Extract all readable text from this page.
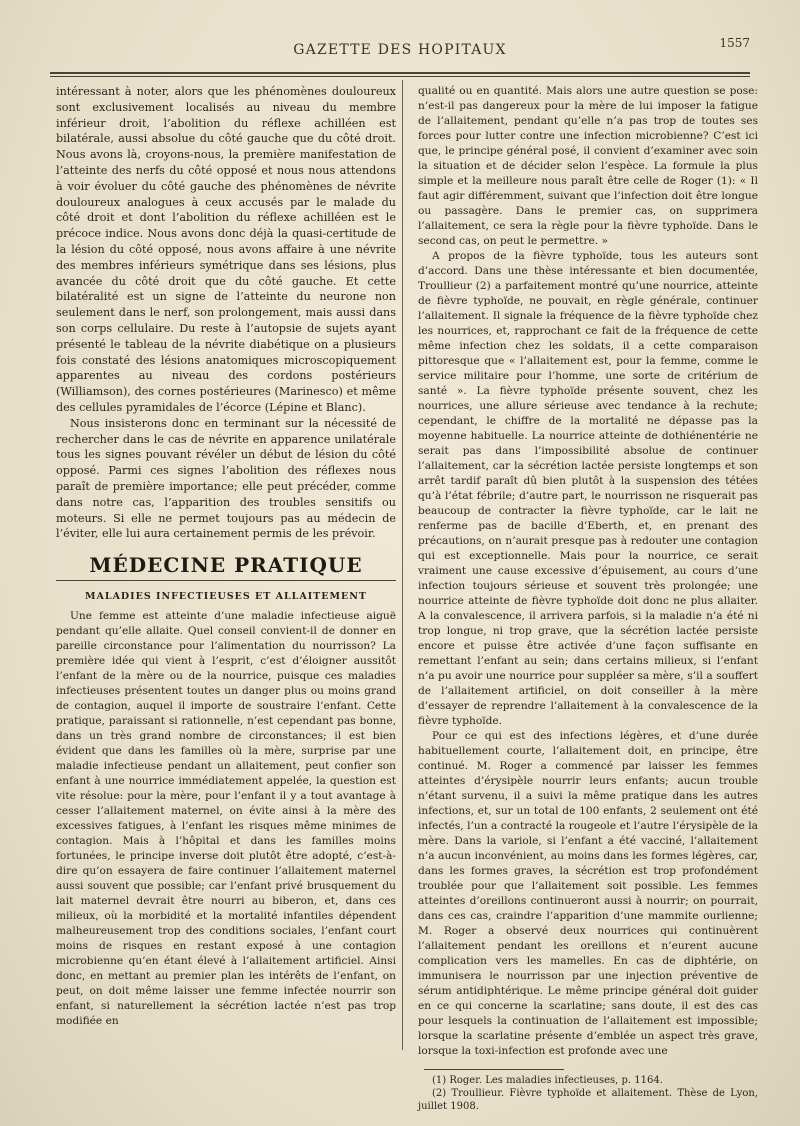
GAZETTE DES HOPITAUX	1557

intéressant à noter, alors que les phénomènes douloureux sont exclusivement localisés au niveau du membre inférieur droit, l’abolition du réflexe achilléen est bilatérale, aussi absolue du côté gauche que du côté droit. Nous avons là, croyons-nous, la première manifestation de l’atteinte des nerfs du côté opposé et nous nous attendons à voir évoluer du côté gauche des phénomènes de névrite douloureux analogues à ceux accusés par le malade du côté droit et dont l’abolition du réflexe achilléen est le précoce indice. Nous avons donc déjà la quasi-certitude de la lésion du côté opposé, nous avons affaire à une névrite des membres inférieurs symétrique dans ses lésions, plus avancée du côté droit que du côté gauche. Et cette bilatéralité est un signe de l’atteinte du neurone non seulement dans le nerf, son prolongement, mais aussi dans son corps cellulaire. Du reste à l’autopsie de sujets ayant présenté le tableau de la névrite diabétique on a plusieurs fois constaté des lésions anatomiques microscopiquement apparentes au niveau des cordons postérieurs (Williamson), des cornes postérieures (Marinesco) et même des cellules pyramidales de l’écorce (Lépine et Blanc).

Nous insisterons donc en terminant sur la nécessité de rechercher dans le cas de névrite en apparence unilatérale tous les signes pouvant révéler un début de lésion du côté opposé. Parmi ces signes l’abolition des réflexes nous paraît de première importance; elle peut précéder, comme dans notre cas, l’apparition des troubles sensitifs ou moteurs. Si elle ne permet toujours pas au médecin de l’éviter, elle lui aura certainement permis de les prévoir.

MÉDECINE PRATIQUE
MALADIES INFECTIEUSES ET ALLAITEMENT

Une femme est atteinte d’une maladie infectieuse aiguë pendant qu’elle allaite. Quel conseil convient-il de donner en pareille circonstance pour l’alimentation du nourrisson? La première idée qui vient à l’esprit, c’est d’éloigner aussitôt l’enfant de la mère ou de la nourrice, puisque ces maladies infectieuses présentent toutes un danger plus ou moins grand de contagion, auquel il importe de soustraire l’enfant. Cette pratique, paraissant si rationnelle, n’est cependant pas bonne, dans un très grand nombre de circonstances; il est bien évident que dans les familles où la mère, surprise par une maladie infectieuse pendant un allaitement, peut confier son enfant à une nourrice immédiatement appelée, la question est vite résolue: pour la mère, pour l’enfant il y a tout avantage à cesser l’allaitement maternel, on évite ainsi à la mère des excessives fatigues, à l’enfant les risques même minimes de contagion. Mais à l’hôpital et dans les familles moins fortunées, le principe inverse doit plutôt être adopté, c’est-à-dire qu’on essayera de faire continuer l’allaitement maternel aussi souvent que possible; car l’enfant privé brusquement du lait maternel devrait être nourri au biberon, et, dans ces milieux, où la morbidité et la mortalité infantiles dépendent malheureusement trop des conditions sociales, l’enfant court moins de risques en restant exposé à une contagion microbienne qu’en étant élevé à l’allaitement artificiel. Ainsi donc, en mettant au premier plan les intérêts de l’enfant, on peut, on doit même laisser une femme infectée nourrir son enfant, si naturellement la sécrétion lactée n’est pas trop modifiée en

qualité ou en quantité. Mais alors une autre question se pose: n’est-il pas dangereux pour la mère de lui imposer la fatigue de l’allaitement, pendant qu’elle n’a pas trop de toutes ses forces pour lutter contre une infection microbienne? C’est ici que, le principe général posé, il convient d’examiner avec soin la situation et de décider selon l’espèce. La formule la plus simple et la meilleure nous paraît être celle de Roger (1): « Il faut agir différemment, suivant que l’infection doit être longue ou passagère. Dans le premier cas, on supprimera l’allaitement, ce sera la règle pour la fièvre typhoïde. Dans le second cas, on peut le permettre. »

A propos de la fièvre typhoïde, tous les auteurs sont d’accord. Dans une thèse intéressante et bien documentée, Troullieur (2) a parfaitement montré qu’une nourrice, atteinte de fièvre typhoïde, ne pouvait, en règle générale, continuer l’allaitement. Il signale la fréquence de la fièvre typhoïde chez les nourrices, et, rapprochant ce fait de la fréquence de cette même infection chez les soldats, il a cette comparaison pittoresque que « l’allaitement est, pour la femme, comme le service militaire pour l’homme, une sorte de critérium de santé ». La fièvre typhoïde présente souvent, chez les nourrices, une allure sérieuse avec tendance à la rechute; cependant, le chiffre de la mortalité ne dépasse pas la moyenne habituelle. La nourrice atteinte de dothiénentérie ne serait pas dans l’impossibilité absolue de continuer l’allaitement, car la sécrétion lactée persiste longtemps et son arrêt tardif paraît dû bien plutôt à la suspension des tétées qu’à l’état fébrile; d’autre part, le nourrisson ne risquerait pas beaucoup de contracter la fièvre typhoïde, car le lait ne renferme pas de bacille d’Eberth, et, en prenant des précautions, on n’aurait presque pas à redouter une contagion qui est exceptionnelle. Mais pour la nourrice, ce serait vraiment une cause excessive d’épuisement, au cours d’une infection toujours sérieuse et souvent très prolongée; une nourrice atteinte de fièvre typhoïde doit donc ne plus allaiter. A la convalescence, il arrivera parfois, si la maladie n’a été ni trop longue, ni trop grave, que la sécrétion lactée persiste encore et puisse être activée d’une façon suffisante en remettant l’enfant au sein; dans certains milieux, si l’enfant n’a pu avoir une nourrice pour suppléer sa mère, s’il a souffert de l’allaitement artificiel, on doit conseiller à la mère d’essayer de reprendre l’allaitement à la convalescence de la fièvre typhoïde.

Pour ce qui est des infections légères, et d’une durée habituellement courte, l’allaitement doit, en principe, être continué. M. Roger a commencé par laisser les femmes atteintes d’érysipèle nourrir leurs enfants; aucun trouble n’étant survenu, il a suivi la même pratique dans les autres infections, et, sur un total de 100 enfants, 2 seulement ont été infectés, l’un a contracté la rougeole et l’autre l’érysipèle de la mère. Dans la variole, si l’enfant a été vacciné, l’allaitement n’a aucun inconvénient, au moins dans les formes légères, car, dans les formes graves, la sécrétion est trop profondément troublée pour que l’allaitement soit possible. Les femmes atteintes d’oreillons continueront aussi à nourrir; on pourrait, dans ces cas, craindre l’apparition d’une mammite ourlienne; M. Roger a observé deux nourrices qui continuèrent l’allaitement pendant les oreillons et n’eurent aucune complication vers les mamelles. En cas de diphtérie, on immunisera le nourrisson par une injection préventive de sérum antidiphtérique. Le même principe général doit guider en ce qui concerne la scarlatine; sans doute, il est des cas pour lesquels la continuation de l’allaitement est impossible; lorsque la scarlatine présente d’emblée un aspect très grave, lorsque la toxi-infection est profonde avec une

(1) Roger. Les maladies infectieuses, p. 1164.

(2) Troullieur. Fièvre typhoïde et allaitement. Thèse de Lyon, juillet 1908.
